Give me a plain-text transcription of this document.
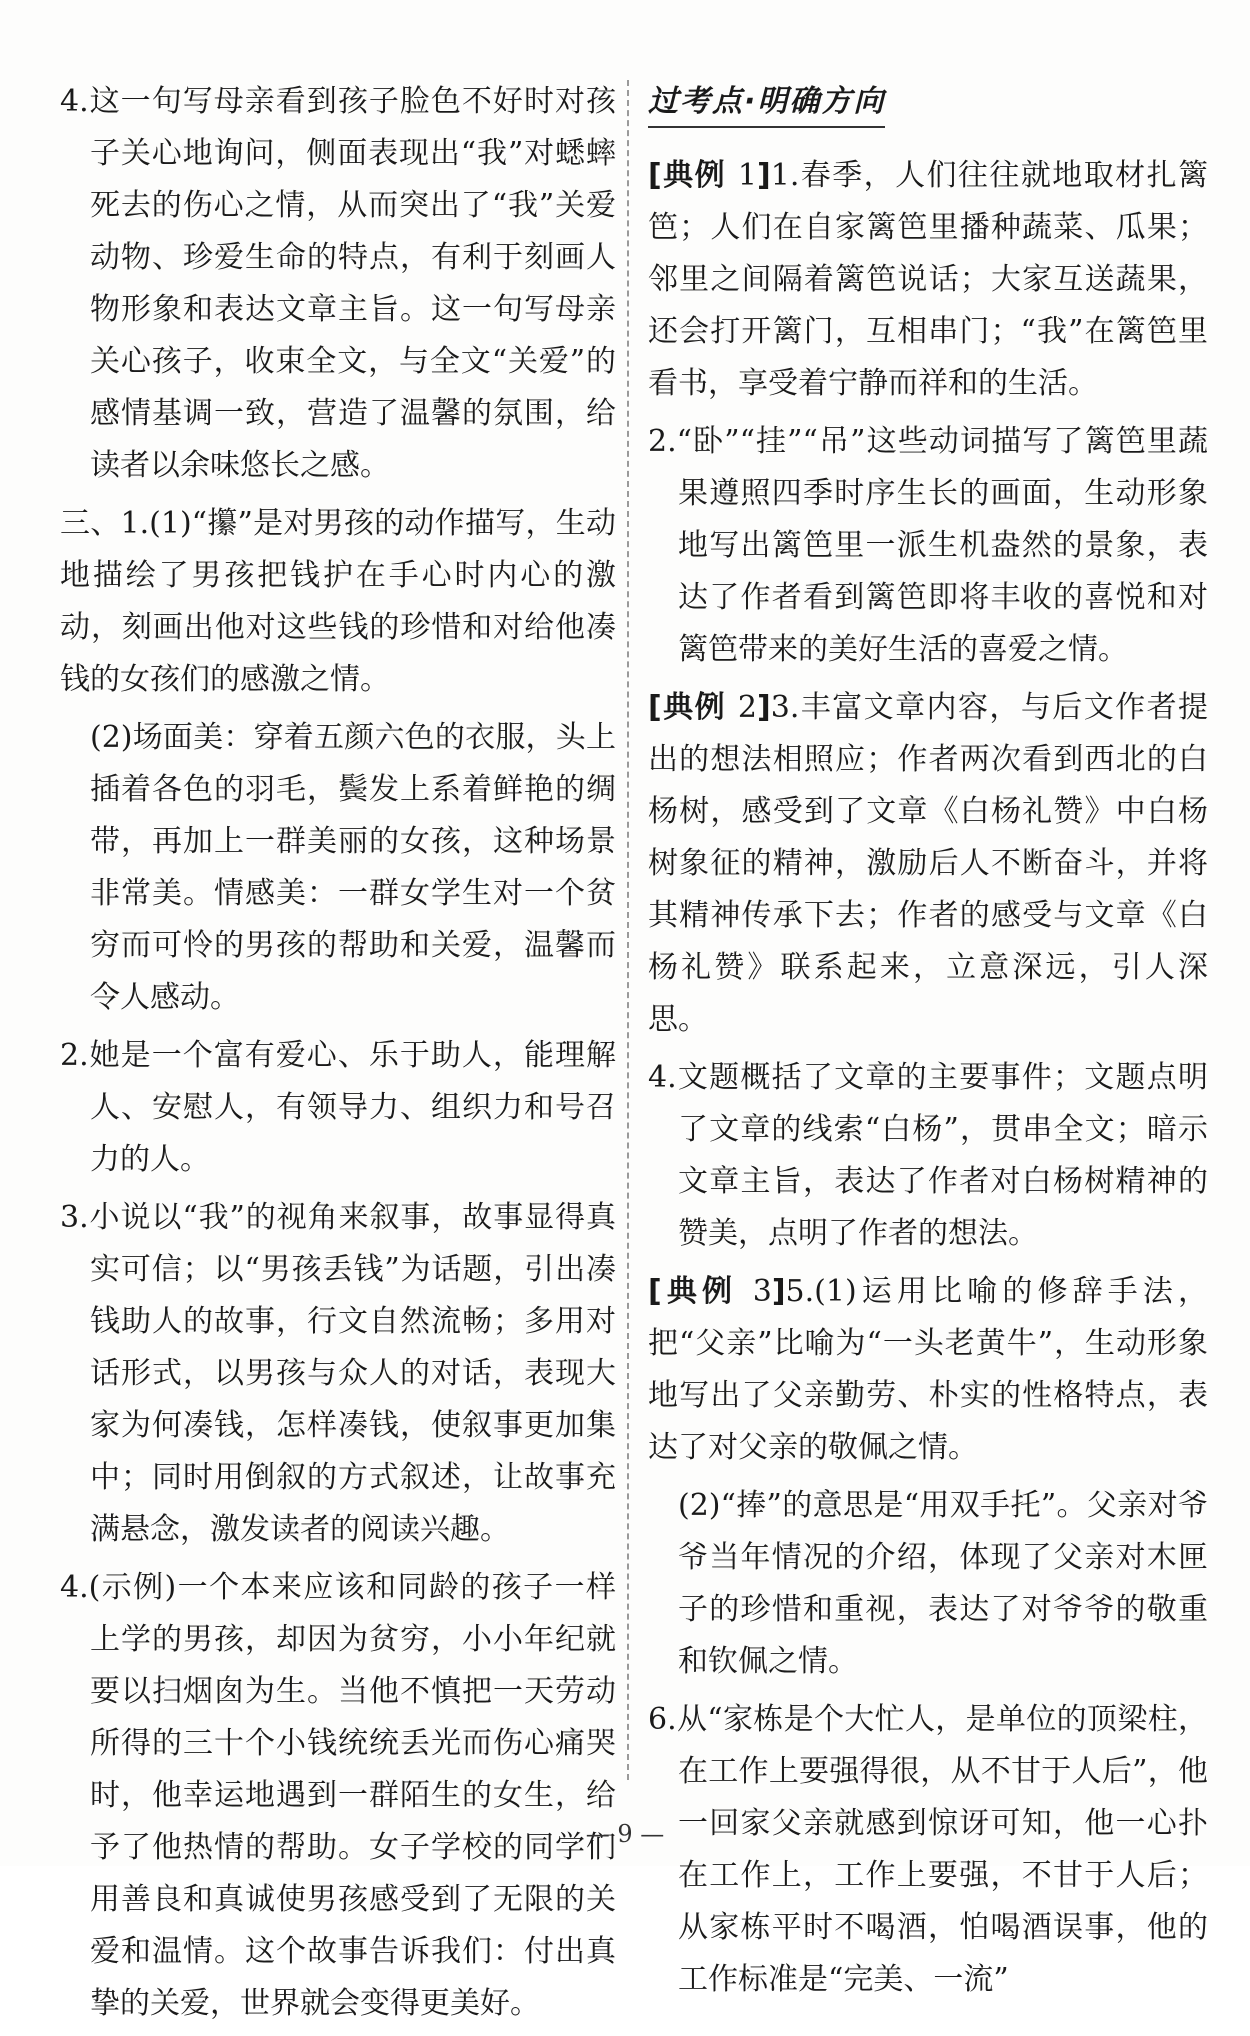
4.这一句写母亲看到孩子脸色不好时对孩子关心地询问，侧面表现出“我”对蟋蟀死去的伤心之情，从而突出了“我”关爱动物、珍爱生命的特点，有利于刻画人物形象和表达文章主旨。这一句写母亲关心孩子，收束全文，与全文“关爱”的感情基调一致，营造了温馨的氛围，给读者以余味悠长之感。

三、1.(1)“攥”是对男孩的动作描写，生动地描绘了男孩把钱护在手心时内心的激动，刻画出他对这些钱的珍惜和对给他凑钱的女孩们的感激之情。

(2)场面美：穿着五颜六色的衣服，头上插着各色的羽毛，鬓发上系着鲜艳的绸带，再加上一群美丽的女孩，这种场景非常美。情感美：一群女学生对一个贫穷而可怜的男孩的帮助和关爱，温馨而令人感动。

2.她是一个富有爱心、乐于助人，能理解人、安慰人，有领导力、组织力和号召力的人。

3.小说以“我”的视角来叙事，故事显得真实可信；以“男孩丢钱”为话题，引出凑钱助人的故事，行文自然流畅；多用对话形式，以男孩与众人的对话，表现大家为何凑钱，怎样凑钱，使叙事更加集中；同时用倒叙的方式叙述，让故事充满悬念，激发读者的阅读兴趣。

4.(示例)一个本来应该和同龄的孩子一样上学的男孩，却因为贫穷，小小年纪就要以扫烟囱为生。当他不慎把一天劳动所得的三十个小钱统统丢光而伤心痛哭时，他幸运地遇到一群陌生的女生，给予了他热情的帮助。女子学校的同学们用善良和真诚使男孩感受到了无限的关爱和温情。这个故事告诉我们：付出真挚的关爱，世界就会变得更美好。

过考点·明确方向

[典例 1]1.春季，人们往往就地取材扎篱笆；人们在自家篱笆里播种蔬菜、瓜果；邻里之间隔着篱笆说话；大家互送蔬果，还会打开篱门，互相串门；“我”在篱笆里看书，享受着宁静而祥和的生活。

2.“卧”“挂”“吊”这些动词描写了篱笆里蔬果遵照四季时序生长的画面，生动形象地写出篱笆里一派生机盎然的景象，表达了作者看到篱笆即将丰收的喜悦和对篱笆带来的美好生活的喜爱之情。

[典例 2]3.丰富文章内容，与后文作者提出的想法相照应；作者两次看到西北的白杨树，感受到了文章《白杨礼赞》中白杨树象征的精神，激励后人不断奋斗，并将其精神传承下去；作者的感受与文章《白杨礼赞》联系起来，立意深远，引人深思。

4.文题概括了文章的主要事件；文题点明了文章的线索“白杨”，贯串全文；暗示文章主旨，表达了作者对白杨树精神的赞美，点明了作者的想法。

[典例 3]5.(1)运用比喻的修辞手法，把“父亲”比喻为“一头老黄牛”，生动形象地写出了父亲勤劳、朴实的性格特点，表达了对父亲的敬佩之情。

(2)“捧”的意思是“用双手托”。父亲对爷爷当年情况的介绍，体现了父亲对木匣子的珍惜和重视，表达了对爷爷的敬重和钦佩之情。

6.从“家栋是个大忙人，是单位的顶梁柱，在工作上要强得很，从不甘于人后”，他一回家父亲就感到惊讶可知，他一心扑在工作上，工作上要强，不甘于人后；从家栋平时不喝酒，怕喝酒误事，他的工作标准是“完美、一流”

— 9 —
